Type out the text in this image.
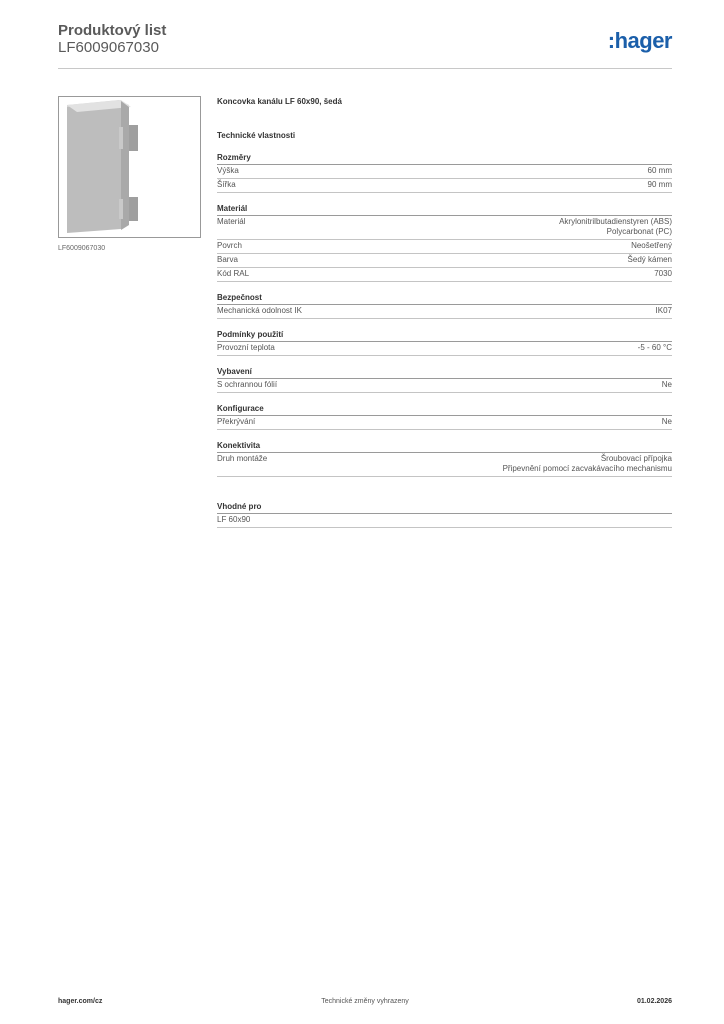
Produktový list
LF6009067030	:hager
LF6009067030
Koncovka kanálu LF 60x90, šedá
Technické vlastnosti
Rozměry
Výška	60 mm
Šířka	90 mm
Materiál
Materiál	Akrylonitrilbutadienstyren (ABS)
Polycarbonat (PC)
Povrch	Neošetřený
Barva	Šedý kámen
Kód RAL	7030
Bezpečnost
Mechanická odolnost IK	IK07
Podmínky použití
Provozní teplota	-5 - 60 °C
Vybavení
S ochrannou fólií	Ne
Konfigurace
Překrývání	Ne
Konektivita
Druh montáže	Šroubovací přípojka
Připevnění pomocí zacvakávacího mechanismu
Vhodné pro
LF 60x90
hager.com/cz	Technické změny vyhrazeny	01.02.2026
